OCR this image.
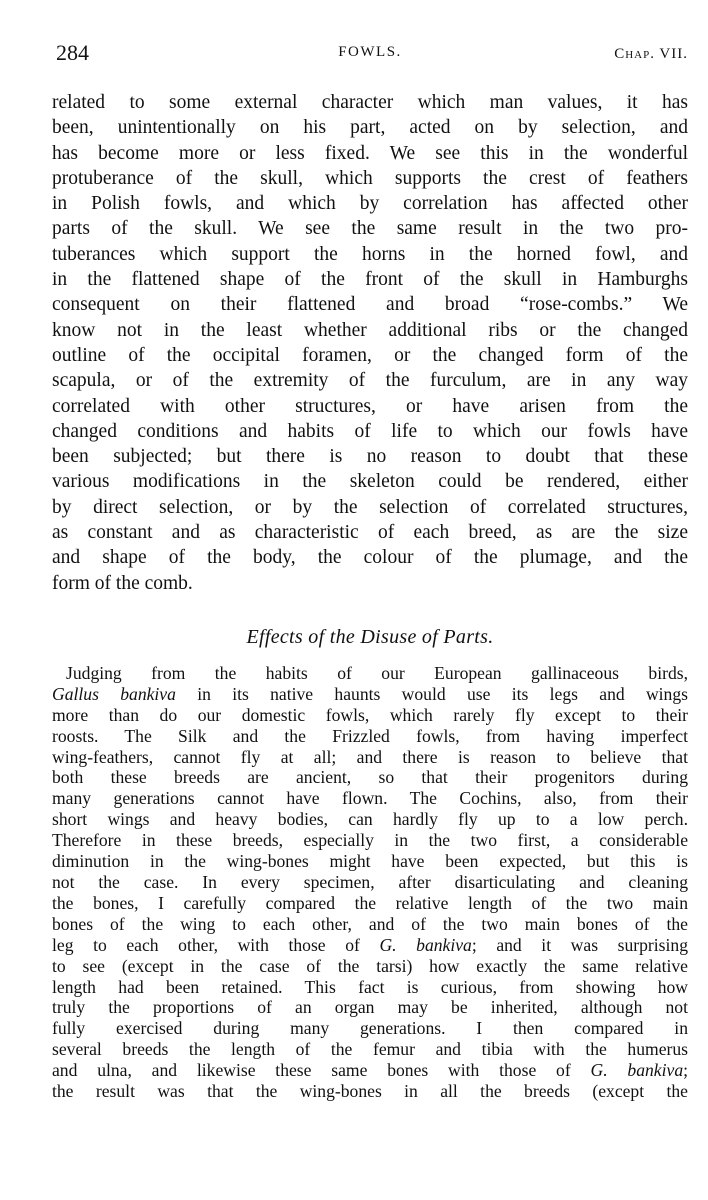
284	FOWLS.	Chap. VII.
related to some external character which man values, it has
been, unintentionally on his part, acted on by selection, and
has become more or less fixed. We see this in the wonderful
protuberance of the skull, which supports the crest of feathers
in Polish fowls, and which by correlation has affected other
parts of the skull. We see the same result in the two pro-
tuberances which support the horns in the horned fowl, and
in the flattened shape of the front of the skull in Hamburghs
consequent on their flattened and broad “rose-combs.” We
know not in the least whether additional ribs or the changed
outline of the occipital foramen, or the changed form of the
scapula, or of the extremity of the furculum, are in any way
correlated with other structures, or have arisen from the
changed conditions and habits of life to which our fowls have
been subjected; but there is no reason to doubt that these
various modifications in the skeleton could be rendered, either
by direct selection, or by the selection of correlated structures,
as constant and as characteristic of each breed, as are the size
and shape of the body, the colour of the plumage, and the
form of the comb.
Effects of the Disuse of Parts.
Judging from the habits of our European gallinaceous birds,
Gallus bankiva in its native haunts would use its legs and wings
more than do our domestic fowls, which rarely fly except to their
roosts. The Silk and the Frizzled fowls, from having imperfect
wing-feathers, cannot fly at all; and there is reason to believe that
both these breeds are ancient, so that their progenitors during
many generations cannot have flown. The Cochins, also, from their
short wings and heavy bodies, can hardly fly up to a low perch.
Therefore in these breeds, especially in the two first, a considerable
diminution in the wing-bones might have been expected, but this is
not the case. In every specimen, after disarticulating and cleaning
the bones, I carefully compared the relative length of the two main
bones of the wing to each other, and of the two main bones of the
leg to each other, with those of G. bankiva; and it was surprising
to see (except in the case of the tarsi) how exactly the same relative
length had been retained. This fact is curious, from showing how
truly the proportions of an organ may be inherited, although not
fully exercised during many generations. I then compared in
several breeds the length of the femur and tibia with the humerus
and ulna, and likewise these same bones with those of G. bankiva;
the result was that the wing-bones in all the breeds (except the
